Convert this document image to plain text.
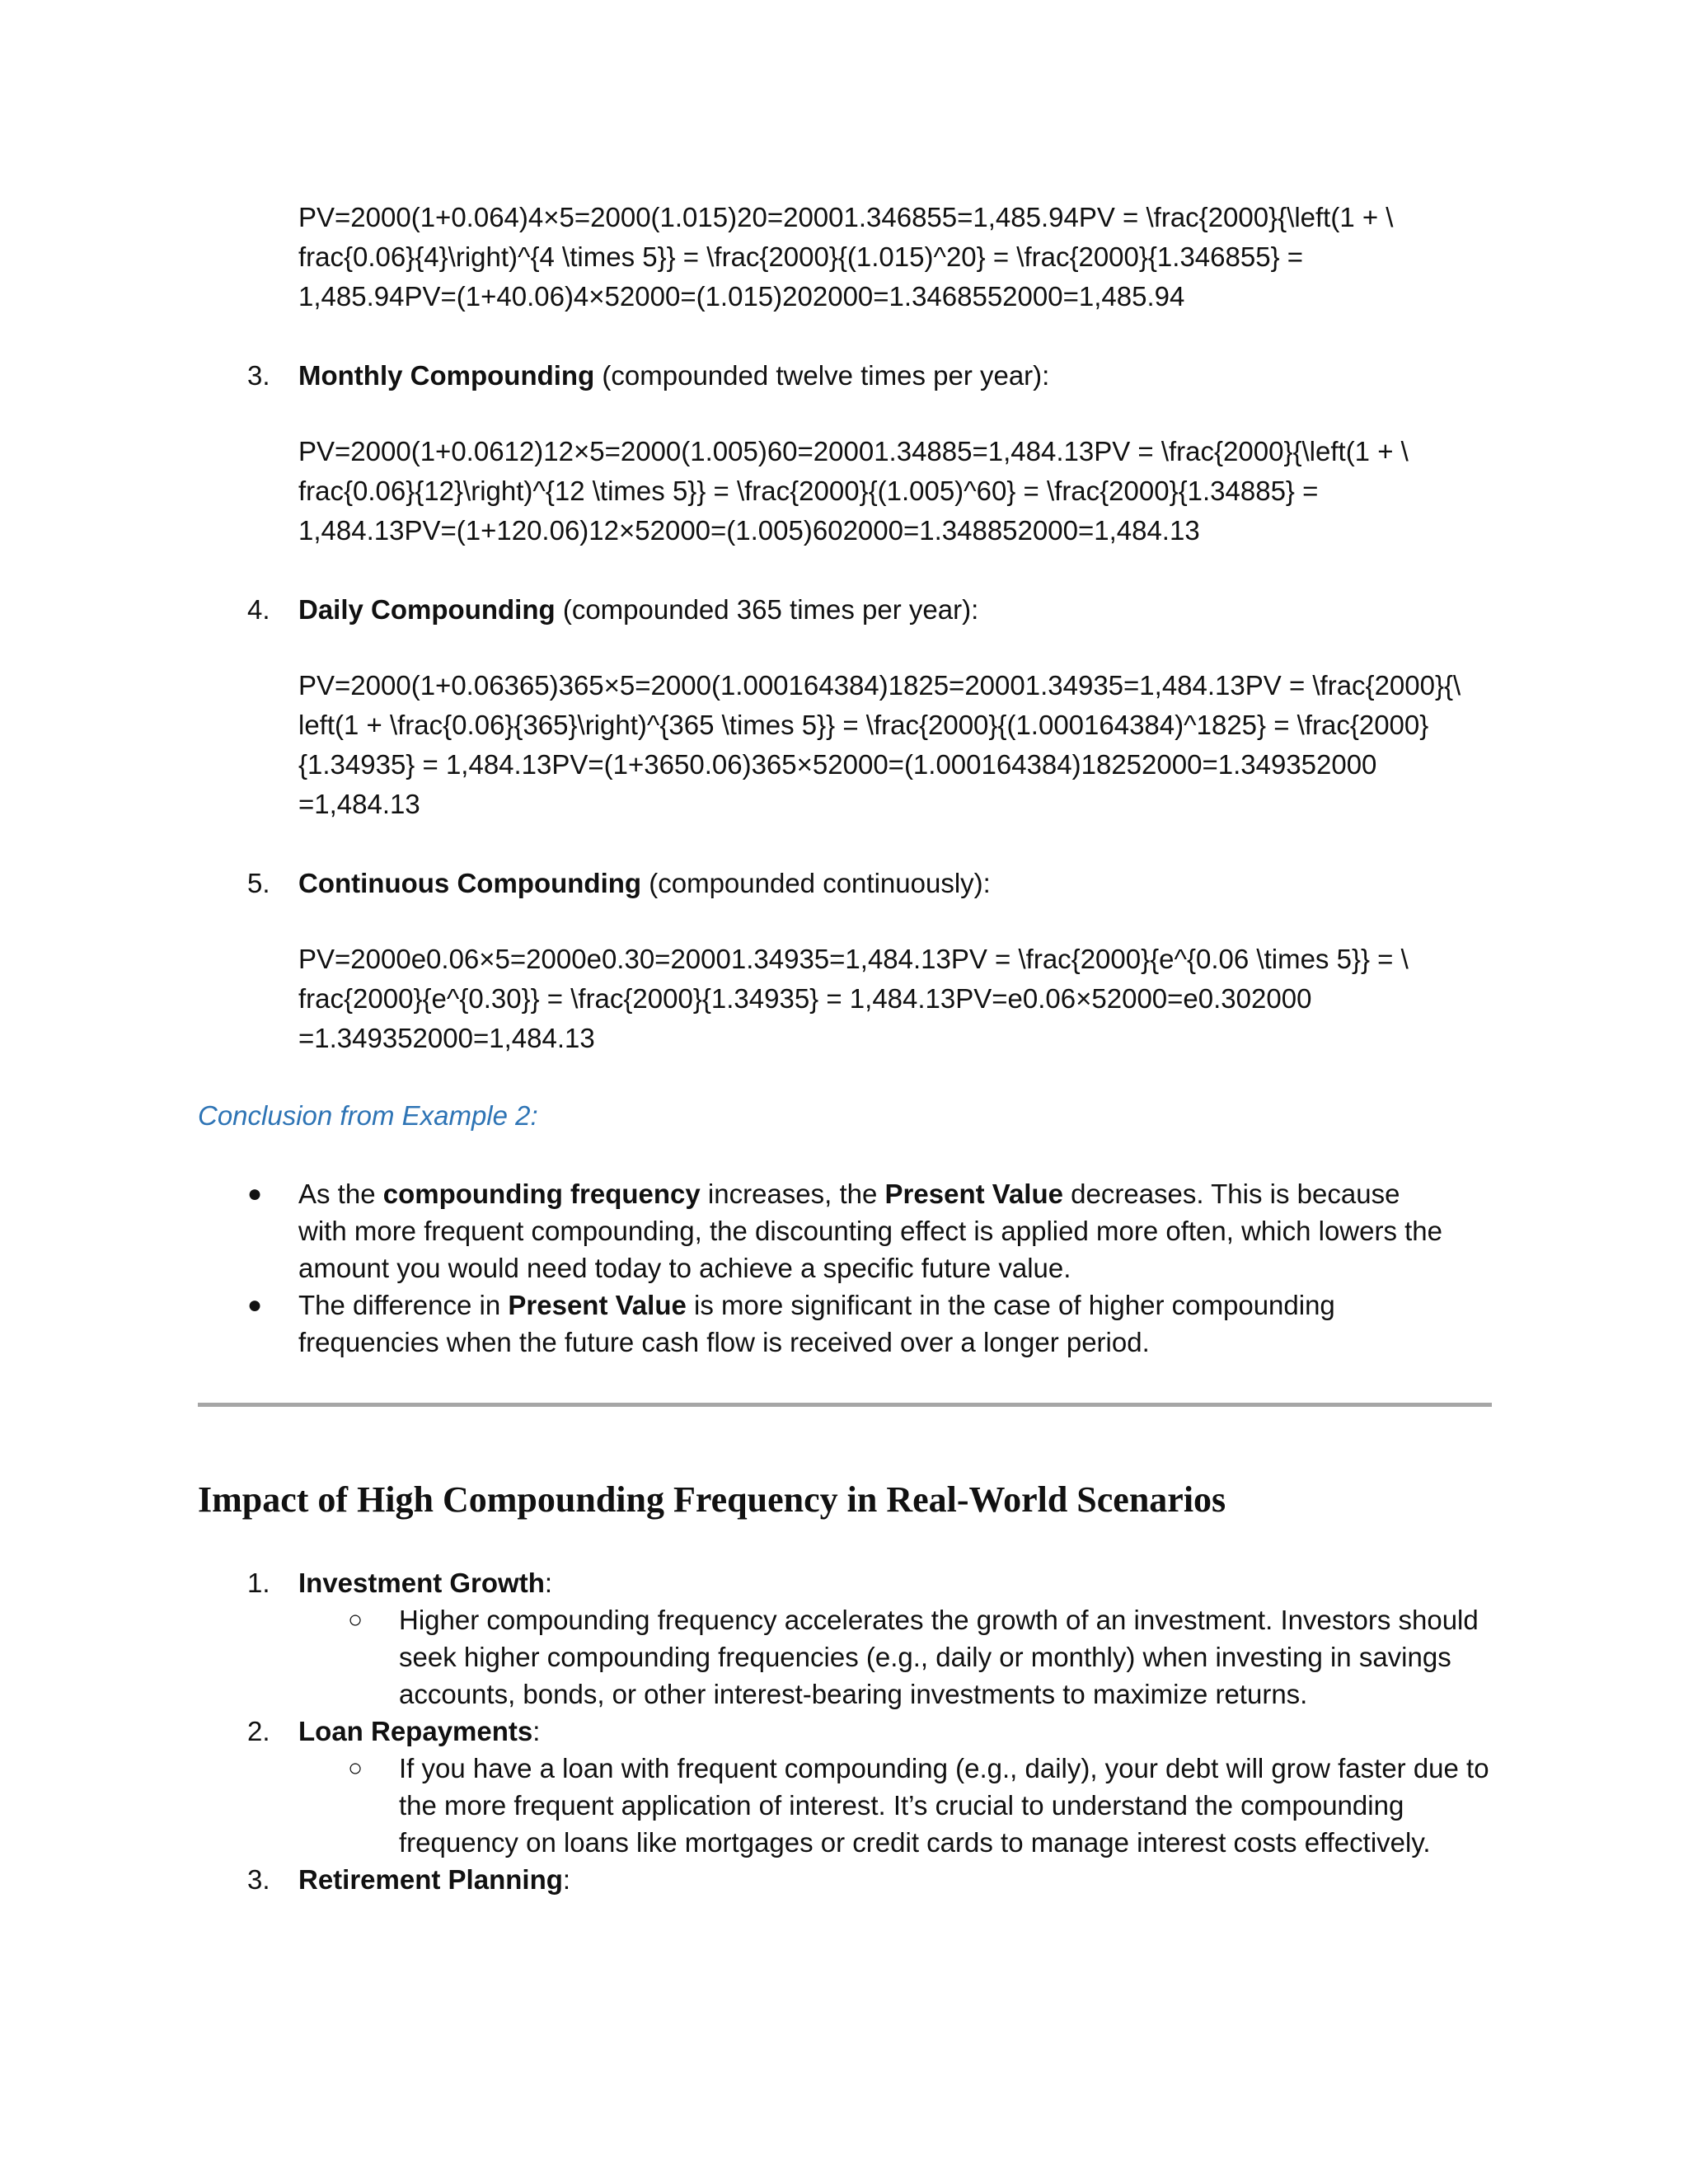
PV=2000(1+0.064)4×5=2000(1.015)20=20001.346855=1,485.94PV = \frac{2000}{\left(1 + \
frac{0.06}{4}\right)^{4 \times 5}} = \frac{2000}{(1.015)^20} = \frac{2000}{1.346855} =
1,485.94PV=(1+40.06)4×52000=(1.015)202000=1.3468552000=1,485.94
3. Monthly Compounding (compounded twelve times per year):
PV=2000(1+0.0612)12×5=2000(1.005)60=20001.34885=1,484.13PV = \frac{2000}{\left(1 + \
frac{0.06}{12}\right)^{12 \times 5}} = \frac{2000}{(1.005)^60} = \frac{2000}{1.34885} =
1,484.13PV=(1+120.06)12×52000=(1.005)602000=1.348852000=1,484.13
4. Daily Compounding (compounded 365 times per year):
PV=2000(1+0.06365)365×5=2000(1.000164384)1825=20001.34935=1,484.13PV = \frac{2000}{\
left(1 + \frac{0.06}{365}\right)^{365 \times 5}} = \frac{2000}{(1.000164384)^1825} = \frac{2000}
{1.34935} = 1,484.13PV=(1+3650.06)365×52000=(1.000164384)18252000=1.349352000
=1,484.13
5. Continuous Compounding (compounded continuously):
PV=2000e0.06×5=2000e0.30=20001.34935=1,484.13PV = \frac{2000}{e^{0.06 \times 5}} = \
frac{2000}{e^{0.30}} = \frac{2000}{1.34935} = 1,484.13PV=e0.06×52000=e0.302000
=1.349352000=1,484.13
Conclusion from Example 2:
●	As the compounding frequency increases, the Present Value decreases. This is because with more frequent compounding, the discounting effect is applied more often, which lowers the amount you would need today to achieve a specific future value.
●	The difference in Present Value is more significant in the case of higher compounding frequencies when the future cash flow is received over a longer period.
Impact of High Compounding Frequency in Real-World Scenarios
1.	Investment Growth:
○	Higher compounding frequency accelerates the growth of an investment. Investors should seek higher compounding frequencies (e.g., daily or monthly) when investing in savings accounts, bonds, or other interest-bearing investments to maximize returns.
2.	Loan Repayments:
○	If you have a loan with frequent compounding (e.g., daily), your debt will grow faster due to the more frequent application of interest. It’s crucial to understand the compounding frequency on loans like mortgages or credit cards to manage interest costs effectively.
3.	Retirement Planning:
